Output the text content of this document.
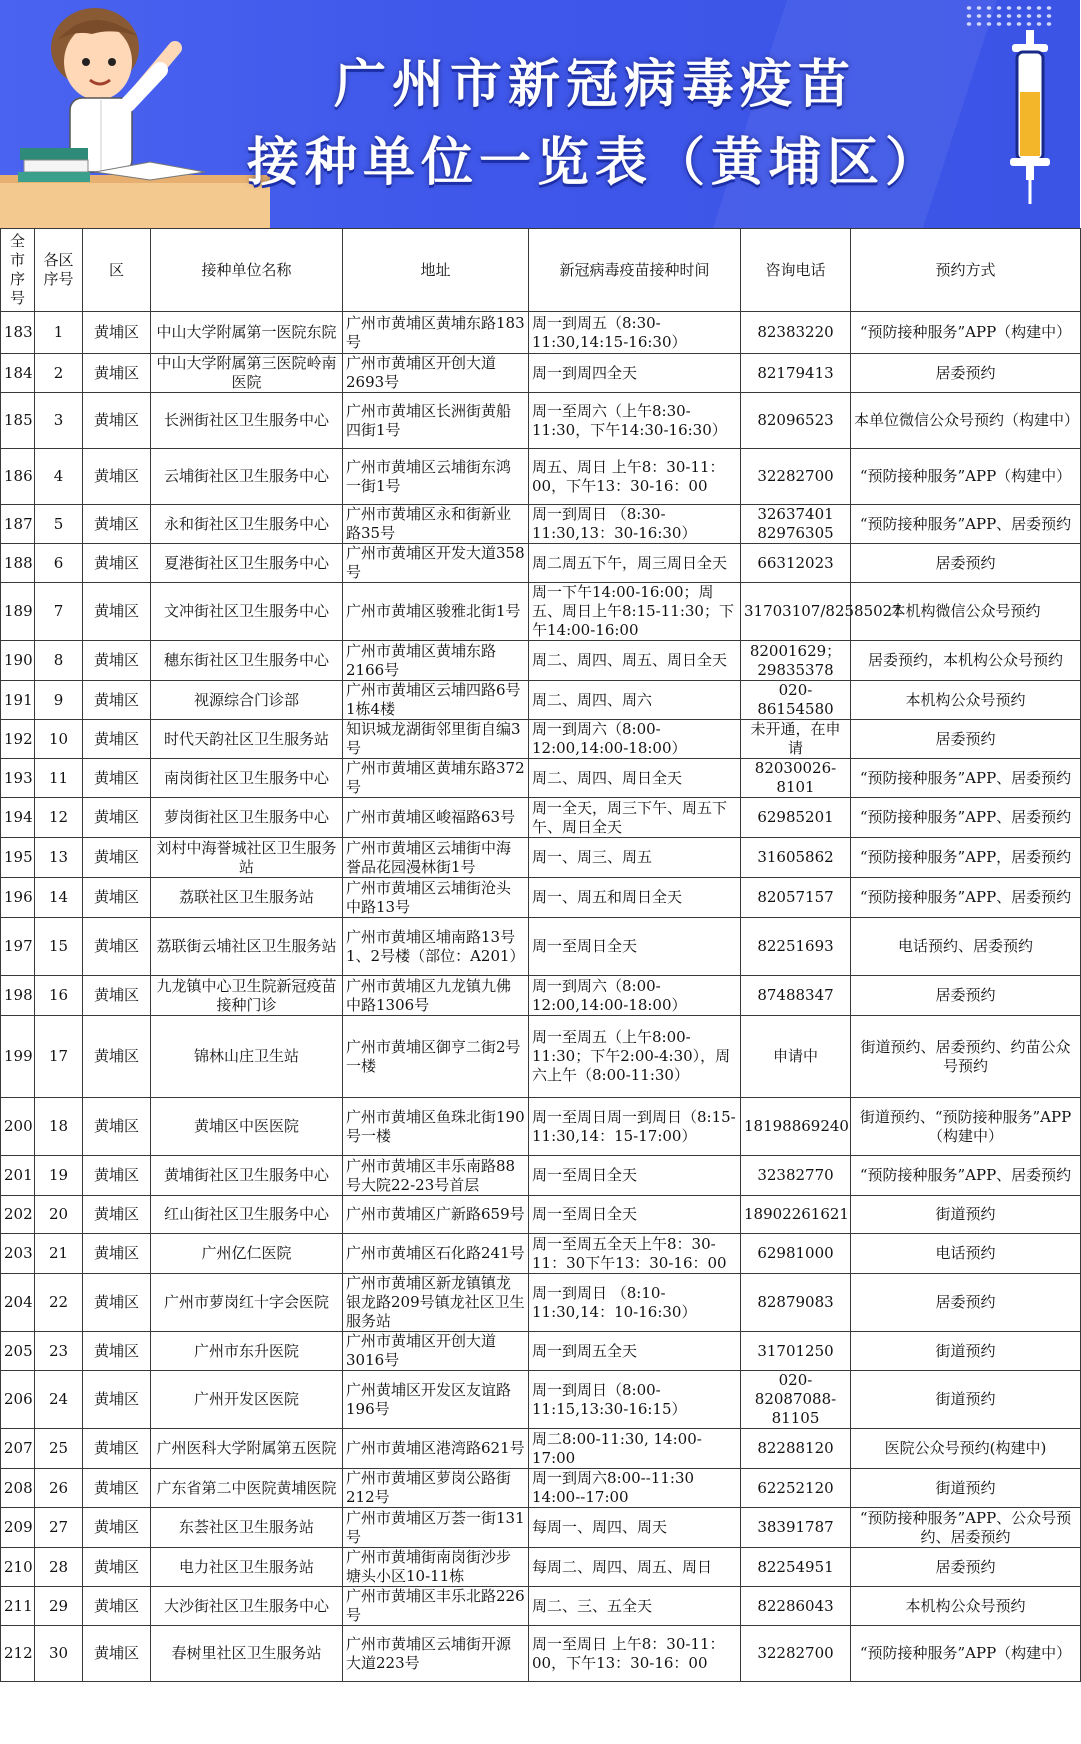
广州市新冠病毒疫苗
接种单位一览表（黄埔区）
全市序号	各区序号	区	接种单位名称	地址	新冠病毒疫苗接种时间	咨询电话	预约方式
183	1	黄埔区	中山大学附属第一医院东院	广州市黄埔区黄埔东路183号	周一到周五（8:30-11:30,14:15-16:30）	82383220	“预防接种服务”APP（构建中）
184	2	黄埔区	中山大学附属第三医院岭南医院	广州市黄埔区开创大道2693号	周一到周四全天	82179413	居委预约
185	3	黄埔区	长洲街社区卫生服务中心	广州市黄埔区长洲街黄船四街1号	周一至周六（上午8:30-11:30，下午14:30-16:30）	82096523	本单位微信公众号预约（构建中）
186	4	黄埔区	云埔街社区卫生服务中心	广州市黄埔区云埔街东鸿一街1号	周五、周日 上午8：30-11：00，下午13：30-16：00	32282700	“预防接种服务”APP（构建中）
187	5	黄埔区	永和街社区卫生服务中心	广州市黄埔区永和街新业路35号	周一到周日 （8:30-11:30,13：30-16:30）	32637401 82976305	“预防接种服务”APP、居委预约
188	6	黄埔区	夏港街社区卫生服务中心	广州市黄埔区开发大道358号	周二周五下午，周三周日全天	66312023	居委预约
189	7	黄埔区	文冲街社区卫生服务中心	广州市黄埔区骏雅北街1号	周一下午14:00-16:00；周五、周日上午8:15-11:30；下午14:00-16:00	31703107/82585027	本机构微信公众号预约
190	8	黄埔区	穗东街社区卫生服务中心	广州市黄埔区黄埔东路2166号	周二、周四、周五、周日全天	82001629；29835378	居委预约，本机构公众号预约
191	9	黄埔区	视源综合门诊部	广州市黄埔区云埔四路6号1栋4楼	周二、周四、周六	020-86154580	本机构公众号预约
192	10	黄埔区	时代天韵社区卫生服务站	知识城龙湖街邻里街自编3号	周一到周六（8:00-12:00,14:00-18:00）	未开通，在申请	居委预约
193	11	黄埔区	南岗街社区卫生服务中心	广州市黄埔区黄埔东路372号	周二、周四、周日全天	82030026-8101	“预防接种服务”APP、居委预约
194	12	黄埔区	萝岗街社区卫生服务中心	广州市黄埔区峻福路63号	周一全天，周三下午、周五下午、周日全天	62985201	“预防接种服务”APP、居委预约
195	13	黄埔区	刘村中海誉城社区卫生服务站	广州市黄埔区云埔街中海誉品花园漫林街1号	周一、周三、周五	31605862	“预防接种服务”APP，居委预约
196	14	黄埔区	荔联社区卫生服务站	广州市黄埔区云埔街沧头中路13号	周一、周五和周日全天	82057157	“预防接种服务”APP、居委预约
197	15	黄埔区	荔联街云埔社区卫生服务站	广州市黄埔区埔南路13号1、2号楼（部位：A201）	周一至周日全天	82251693	电话预约、居委预约
198	16	黄埔区	九龙镇中心卫生院新冠疫苗接种门诊	广州市黄埔区九龙镇九佛中路1306号	周一到周六（8:00-12:00,14:00-18:00）	87488347	居委预约
199	17	黄埔区	锦林山庄卫生站	广州市黄埔区御亨二街2号一楼	周一至周五（上午8:00-11:30；下午2:00-4:30），周六上午（8:00-11:30）	申请中	街道预约、居委预约、约苗公众号预约
200	18	黄埔区	黄埔区中医医院	广州市黄埔区鱼珠北街190号一楼	周一至周日周一到周日（8:15-11:30,14：15-17:00）	18198869240	街道预约、“预防接种服务”APP（构建中）
201	19	黄埔区	黄埔街社区卫生服务中心	广州市黄埔区丰乐南路88号大院22-23号首层	周一至周日全天	32382770	“预防接种服务”APP、居委预约
202	20	黄埔区	红山街社区卫生服务中心	广州市黄埔区广新路659号	周一至周日全天	18902261621	街道预约
203	21	黄埔区	广州亿仁医院	广州市黄埔区石化路241号	周一至周五全天上午8：30-11：30下午13：30-16：00	62981000	电话预约
204	22	黄埔区	广州市萝岗红十字会医院	广州市黄埔区新龙镇镇龙银龙路209号镇龙社区卫生服务站	周一到周日 （8:10-11:30,14：10-16:30）	82879083	居委预约
205	23	黄埔区	广州市东升医院	广州市黄埔区开创大道3016号	周一到周五全天	31701250	街道预约
206	24	黄埔区	广州开发区医院	广州黄埔区开发区友谊路196号	周一到周日（8:00-11:15,13:30-16:15）	020-82087088-81105	街道预约
207	25	黄埔区	广州医科大学附属第五医院	广州市黄埔区港湾路621号	周二8:00-11:30, 14:00-17:00	82288120	医院公众号预约(构建中)
208	26	黄埔区	广东省第二中医院黄埔医院	广州市黄埔区萝岗公路街212号	周一到周六8:00--11:30 14:00--17:00	62252120	街道预约
209	27	黄埔区	东荟社区卫生服务站	广州市黄埔区万荟一街131号	每周一、周四、周天	38391787	“预防接种服务”APP、公众号预约、居委预约
210	28	黄埔区	电力社区卫生服务站	广州市黄埔街南岗街沙步塘头小区10-11栋	每周二、周四、周五、周日	82254951	居委预约
211	29	黄埔区	大沙街社区卫生服务中心	广州市黄埔区丰乐北路226号	周二、三、五全天	82286043	本机构公众号预约
212	30	黄埔区	春树里社区卫生服务站	广州市黄埔区云埔街开源大道223号	周一至周日 上午8：30-11：00，下午13：30-16：00	32282700	“预防接种服务”APP（构建中）
